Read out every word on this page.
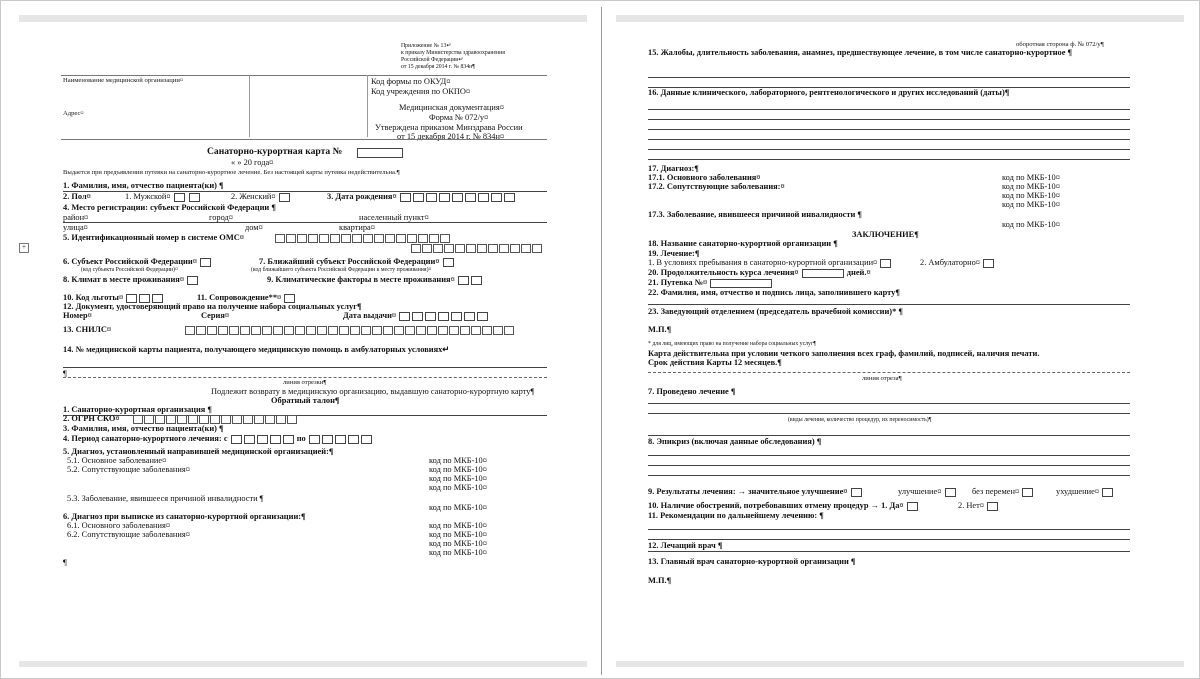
Приложение № 13↵
к приказу Министерства здравоохранения
Российской Федерации↵
от 15 декабря 2014 г. № 834н¶
Наименование медицинской организации¤
Адрес¤
Код формы по ОКУД¤
Код учреждения по ОКПО¤
Медицинская документация¤
Форма № 072/у¤
Утверждена приказом Минздрава России
от 15 декабря 2014 г. № 834н¤
Санаторно-курортная карта №
« » 20 года¤
Выдается при предъявлении путевки на санаторно-курортное лечение. Без настоящей карты путевка недействительна.¶
1. Фамилия, имя, отчество пациента(ки) ¶
2. Пол¤	1. Мужской¤	2. Женский¤	3. Дата рождения¤
4. Место регистрации: субъект Российской Федерации ¶
район¤	город¤	населенный пункт¤
улица¤	дом¤	квартира¤
5. Идентификационный номер в системе ОМС¤
+
6. Субъект Российской Федерации¤
(код субъекта Российской Федерации)¤
7. Ближайший субъект Российской Федерации¤
(код ближайшего субъекта Российской Федерации к месту проживания)¤
8. Климат в месте проживания¤	9. Климатические факторы в месте проживания¤
10. Код льготы¤	11. Сопровождение**¤
12. Документ, удостоверяющий право на получение набора социальных услуг¶
Номер¤	Серия¤	Дата выдачи¤
13. СНИЛС¤
14. № медицинской карты пациента, получающего медицинскую помощь в амбулаторных условиях↵
¶
линия отрезки¶
Подлежит возврату в медицинскую организацию, выдавшую санаторно-курортную карту¶
Обратный талон¶
1. Санаторно-курортная организация ¶
2. ОГРН СКО¤
3. Фамилия, имя, отчество пациента(ки) ¶
4. Период санаторно-курортного лечения: с	по
5. Диагноз, установленный направившей медицинской организацией:¶
5.1. Основное заболевание¤	код по МКБ-10¤
5.2. Сопутствующие заболевания¤	код по МКБ-10¤
код по МКБ-10¤
код по МКБ-10¤
5.3. Заболевание, явившееся причиной инвалидности ¶
код по МКБ-10¤
6. Диагноз при выписке из санаторно-курортной организации:¶
6.1. Основного заболевания¤	код по МКБ-10¤
6.2. Сопутствующие заболевания¤	код по МКБ-10¤
код по МКБ-10¤
код по МКБ-10¤
¶
оборотная сторона ф. № 072/у¶
15. Жалобы, длительность заболевания, анамнез, предшествующее лечение, в том числе санаторно-курортное ¶
16. Данные клинического, лабораторного, рентгенологического и других исследований (даты)¶
17. Диагноз:¶
17.1. Основного заболевания¤	код по МКБ-10¤
17.2. Сопутствующие заболевания:¤	код по МКБ-10¤
код по МКБ-10¤
код по МКБ-10¤
17.3. Заболевание, явившееся причиной инвалидности ¶
код по МКБ-10¤
ЗАКЛЮЧЕНИЕ¶
18. Название санаторно-курортной организации ¶
19. Лечение:¶
1. В условиях пребывания в санаторно-курортной организации¤	2. Амбулаторно¤
20. Продолжительность курса лечения¤	дней.¤
21. Путевка №¤
22. Фамилия, имя, отчество и подпись лица, заполнившего карту¶
23. Заведующий отделением (председатель врачебной комиссии)* ¶
М.П.¶
* для лиц, имеющих право на получение набора социальных услуг¶
Карта действительна при условии четкого заполнения всех граф, фамилий, подписей, наличия печати.
Срок действия Карты 12 месяцев.¶
линия отреза¶
7. Проведено лечение ¶
(виды лечения, количество процедур, их переносимость)¶
8. Эпикриз (включая данные обследования) ¶
9. Результаты лечения: → значительное улучшение¤	улучшение¤	без перемен¤	ухудшение¤
10. Наличие обострений, потребовавших отмену процедур → 1. Да¤	2. Нет¤
11. Рекомендации по дальнейшему лечению: ¶
12. Лечащий врач ¶
13. Главный врач санаторно-курортной организации ¶
М.П.¶
